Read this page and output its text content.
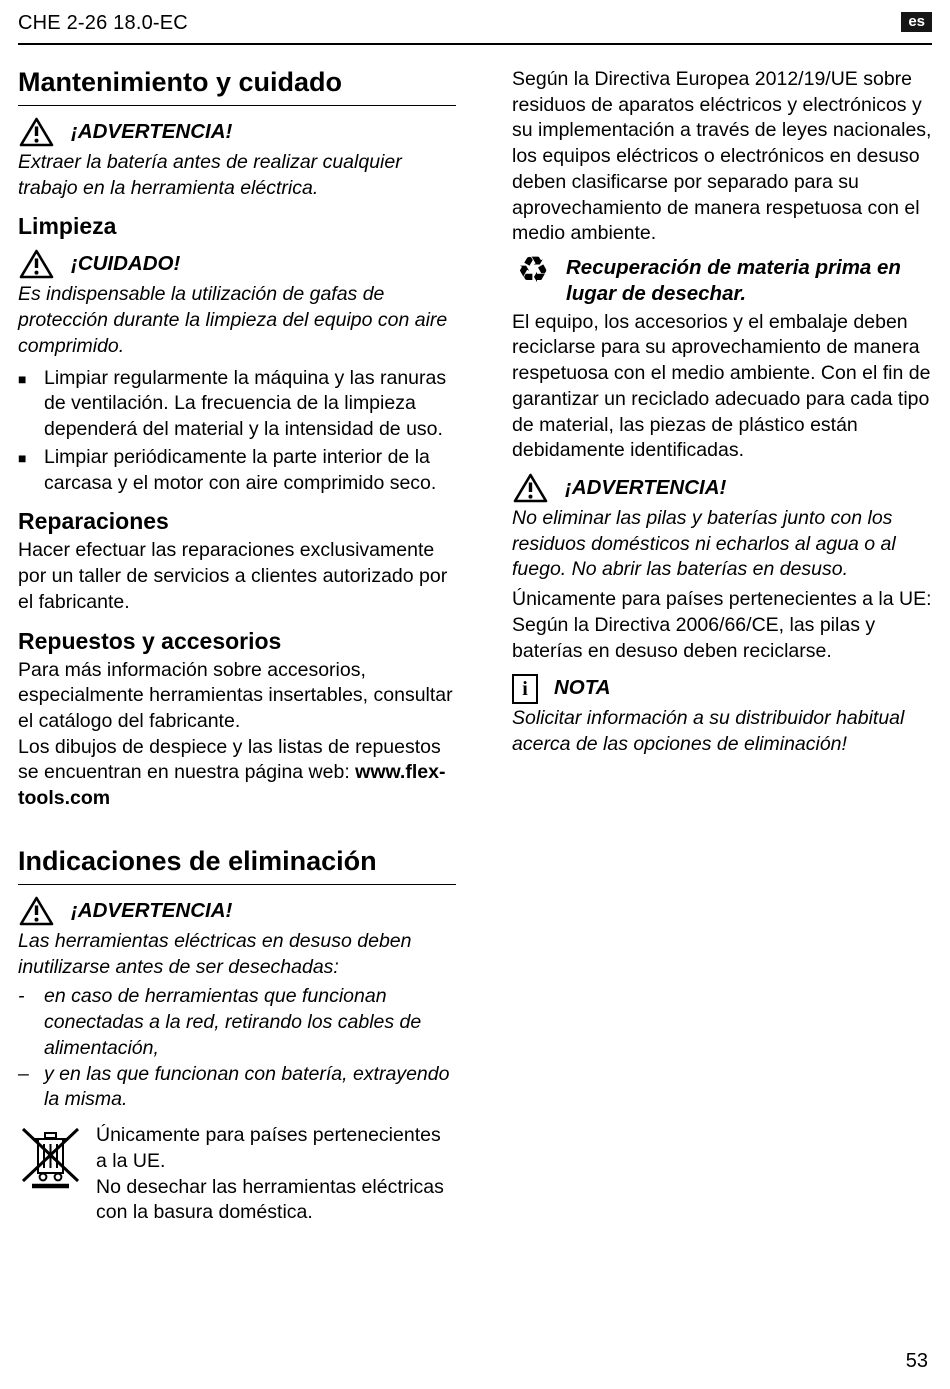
CHE 2-26 18.0-EC	es
Mantenimiento y cuidado
¡ADVERTENCIA!

Extraer la batería antes de realizar cualquier trabajo en la herramienta eléctrica.

Limpieza
¡CUIDADO!

Es indispensable la utilización de gafas de protección durante la limpieza del equipo con aire comprimido.

■ Limpiar regularmente la máquina y las ranuras de ventilación. La frecuencia de la limpieza dependerá del material y la intensidad de uso.
■ Limpiar periódicamente la parte interior de la carcasa y el motor con aire comprimido seco.
Reparaciones

Hacer efectuar las reparaciones exclusivamente por un taller de servicios a clientes autorizado por el fabricante.

Repuestos y accesorios

Para más información sobre accesorios, especialmente herramientas insertables, consultar el catálogo del fabricante.

Los dibujos de despiece y las listas de repuestos se encuentran en nuestra página web: www.flex-tools.com

Indicaciones de eliminación
¡ADVERTENCIA!

Las herramientas eléctricas en desuso deben inutilizarse antes de ser desechadas:

-	en caso de herramientas que funcionan conectadas a la red, retirando los cables de alimentación,
– y en las que funcionan con batería, extrayendo la misma.

Únicamente para países pertenecientes a la UE.

No desechar las herramientas eléctricas con la basura doméstica.

Según la Directiva Europea 2012/19/UE sobre residuos de aparatos eléctricos y electrónicos y su implementación a través de leyes nacionales, los equipos eléctricos o electrónicos en desuso deben clasificarse por separado para su aprovechamiento de manera respetuosa con el medio ambiente.

♻ Recuperación de materia prima en lugar de desechar.

El equipo, los accesorios y el embalaje deben reciclarse para su aprovechamiento de manera respetuosa con el medio ambiente. Con el fin de garantizar un reciclado adecuado para cada tipo de material, las piezas de plástico están debidamente identificadas.

¡ADVERTENCIA!

No eliminar las pilas y baterías junto con los residuos domésticos ni echarlos al agua o al fuego. No abrir las baterías en desuso.

Únicamente para países pertenecientes a la UE:

Según la Directiva 2006/66/CE, las pilas y baterías en desuso deben reciclarse.

i	NOTA

Solicitar información a su distribuidor habitual acerca de las opciones de eliminación!

53
